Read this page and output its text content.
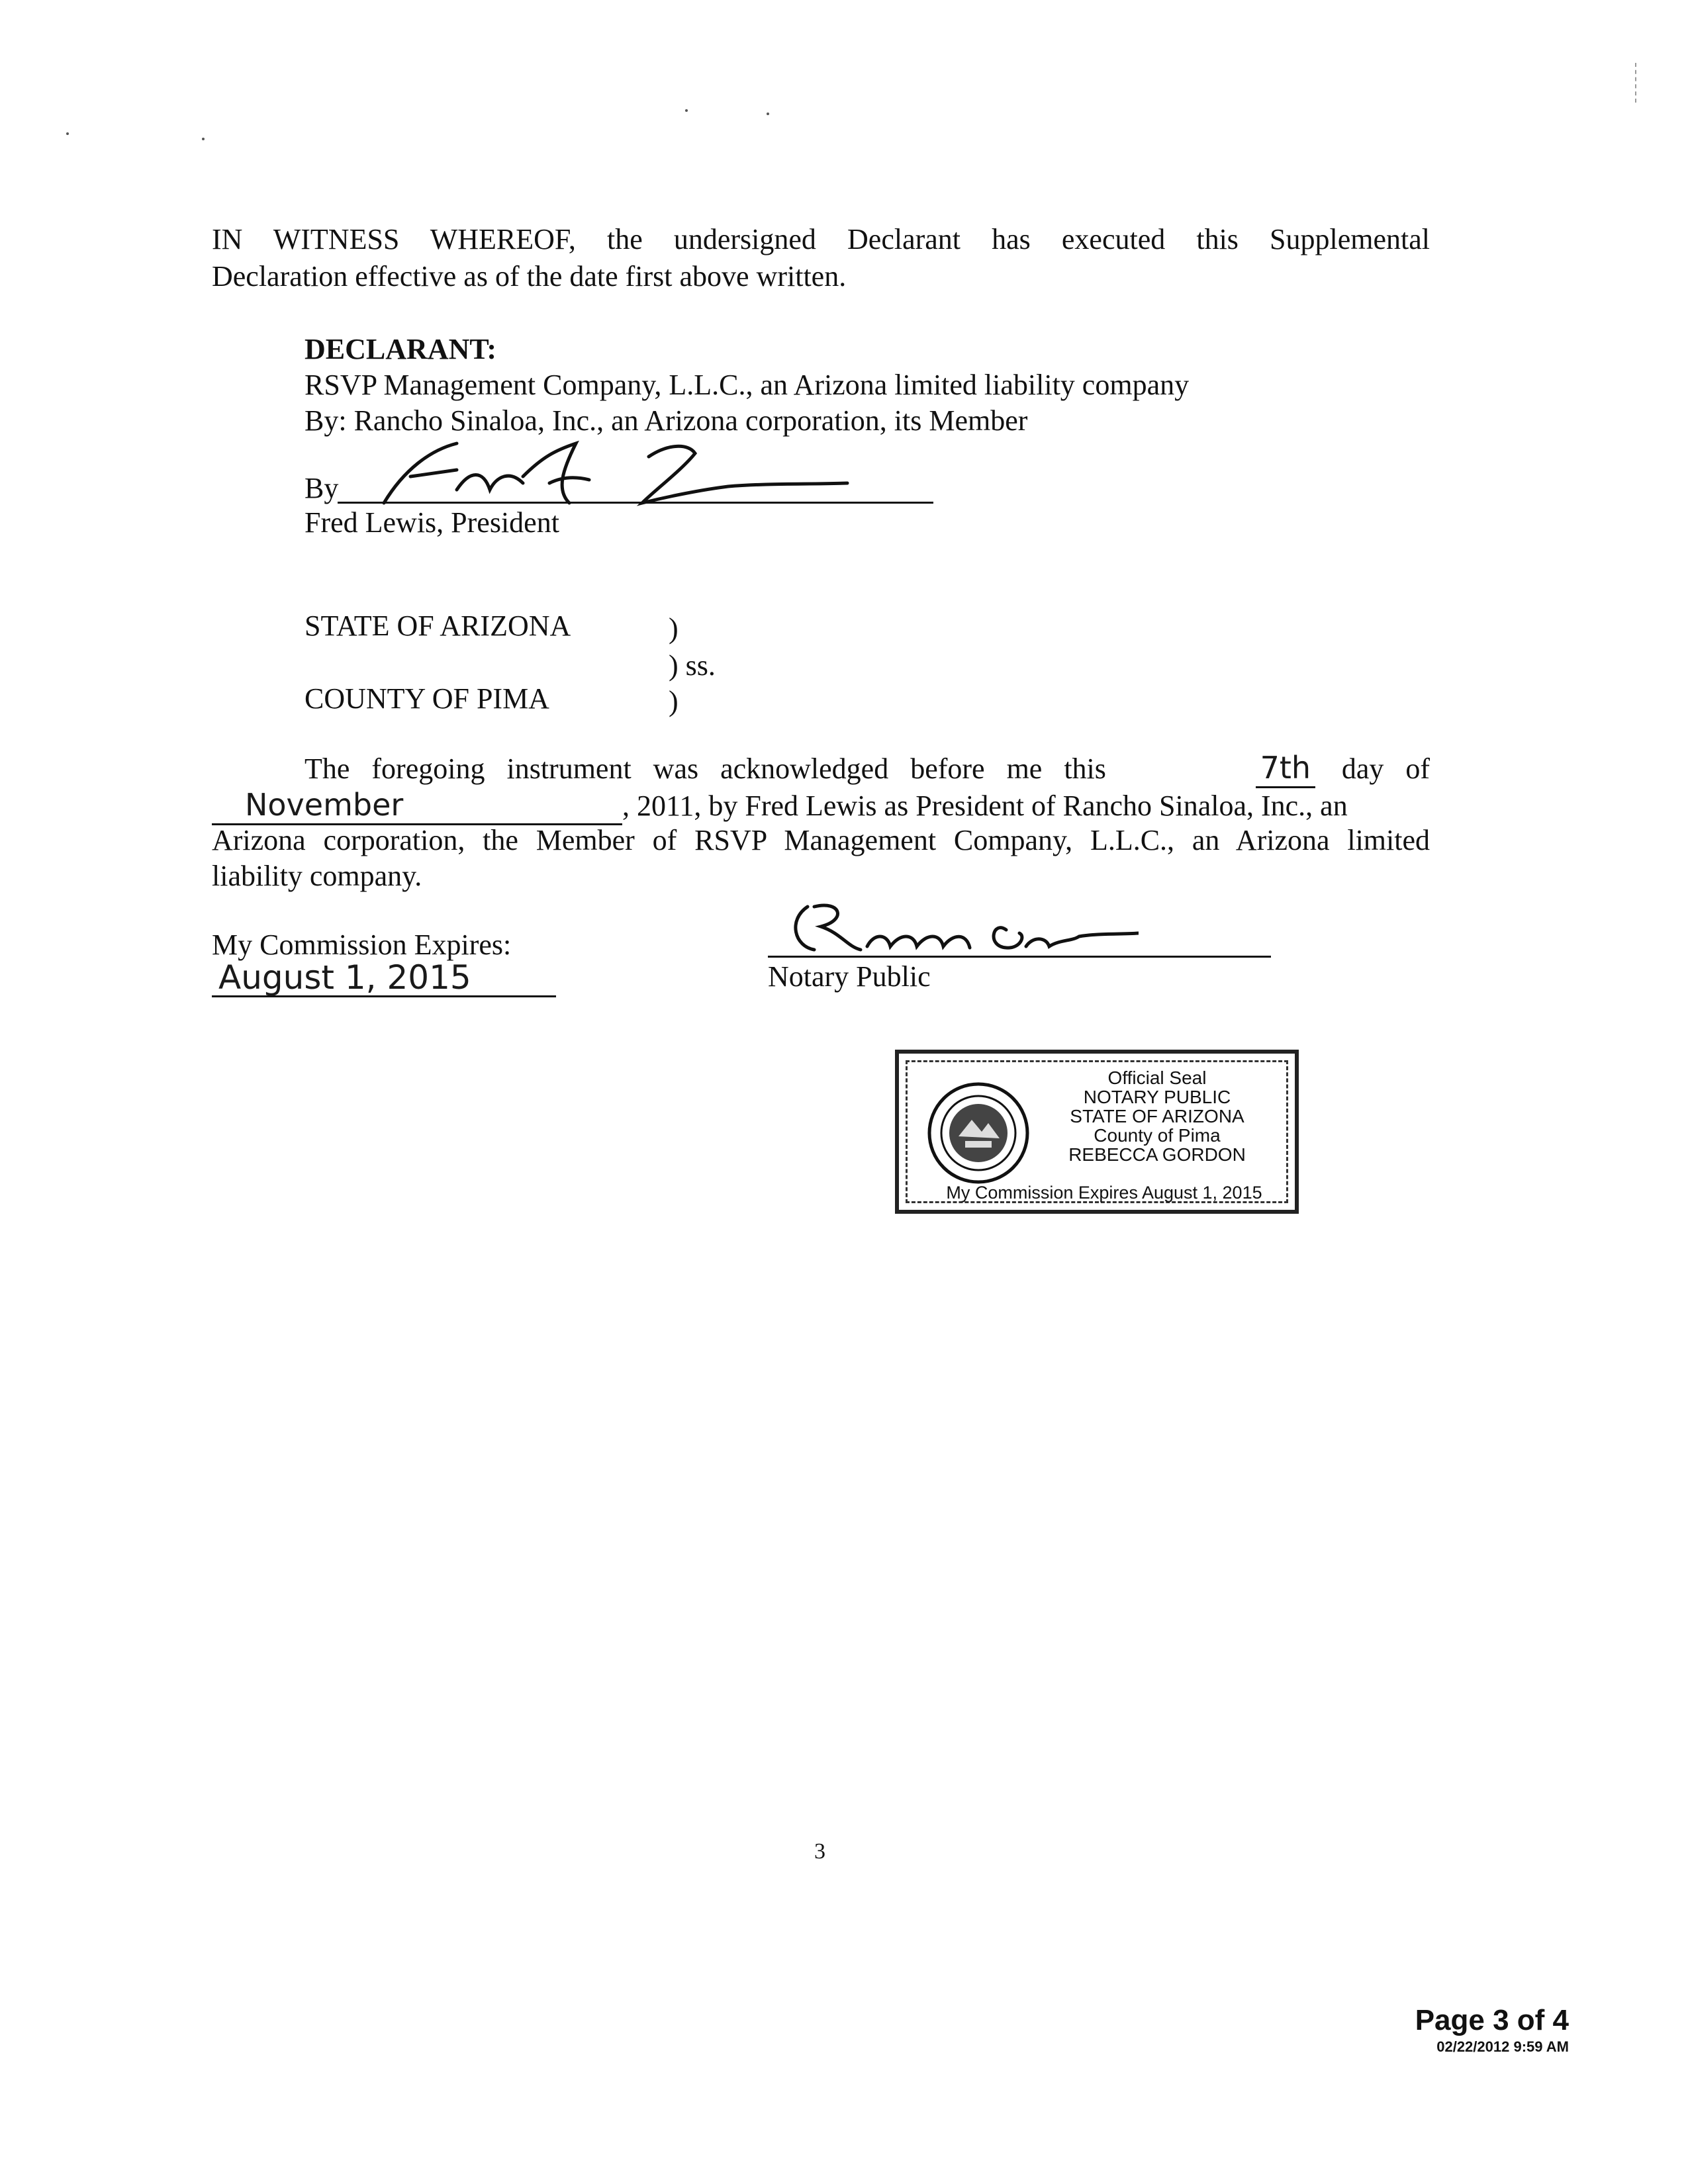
IN WITNESS WHEREOF, the undersigned Declarant has executed this Supplemental
Declaration effective as of the date first above written.
DECLARANT:
RSVP Management Company, L.L.C., an Arizona limited liability company
By: Rancho Sinaloa, Inc., an Arizona corporation, its Member
By
Fred Lewis, President
STATE OF ARIZONA	)
) ss.
COUNTY OF PIMA	)
The foregoing instrument was acknowledged before me this	7th day of
November	, 2011, by Fred Lewis as President of Rancho Sinaloa, Inc., an
Arizona corporation, the Member of RSVP Management Company, L.L.C., an Arizona limited
liability company.
My Commission Expires:
August 1, 2015	Notary Public
Official Seal
NOTARY PUBLIC
STATE OF ARIZONA
County of Pima
REBECCA GORDON
My Commission Expires August 1, 2015
3
Page 3 of 4
02/22/2012 9:59 AM
